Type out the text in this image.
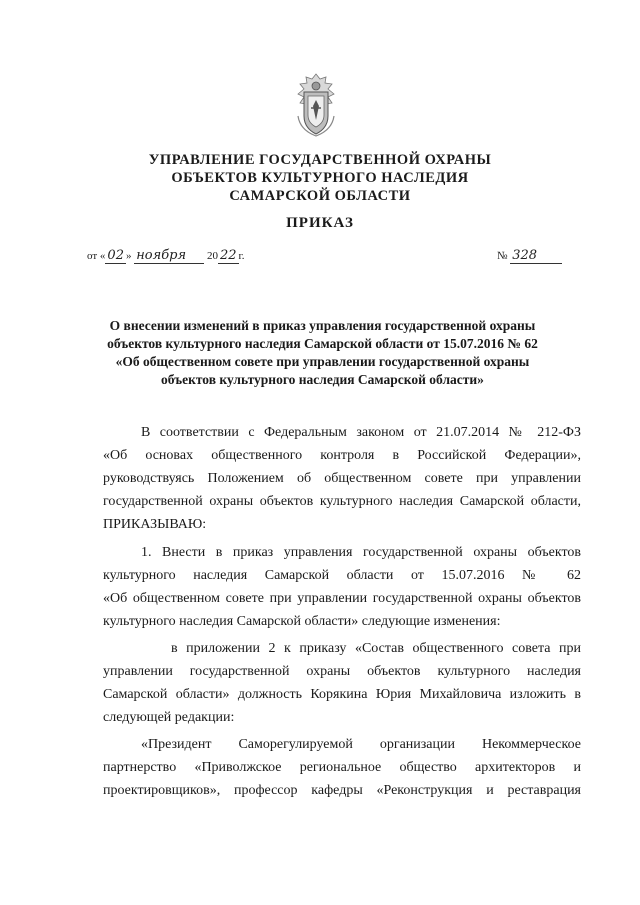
УПРАВЛЕНИЕ ГОСУДАРСТВЕННОЙ ОХРАНЫ
ОБЪЕКТОВ КУЛЬТУРНОГО НАСЛЕДИЯ
САМАРСКОЙ ОБЛАСТИ
ПРИКАЗ
от « 02 » ноября 20 22 г.	№ 328
О внесении изменений в приказ управления государственной охраны
объектов культурного наследия Самарской области от 15.07.2016 № 62
«Об общественном совете при управлении государственной охраны
объектов культурного наследия Самарской области»
В соответствии с Федеральным законом от 21.07.2014 № 212-ФЗ
«Об основах общественного контроля в Российской Федерации»,
руководствуясь Положением об общественном совете при управлении
государственной охраны объектов культурного наследия Самарской области,
ПРИКАЗЫВАЮ:
1. Внести в приказ управления государственной охраны объектов
культурного наследия Самарской области от 15.07.2016 № 62
«Об общественном совете при управлении государственной охраны объектов
культурного наследия Самарской области» следующие изменения:
в приложении 2 к приказу «Состав общественного совета при
управлении государственной охраны объектов культурного наследия
Самарской области» должность Корякина Юрия Михайловича изложить в
следующей редакции:
«Президент Саморегулируемой организации Некоммерческое
партнерство «Приволжское региональное общество архитекторов и
проектировщиков», профессор кафедры «Реконструкция и реставрация
